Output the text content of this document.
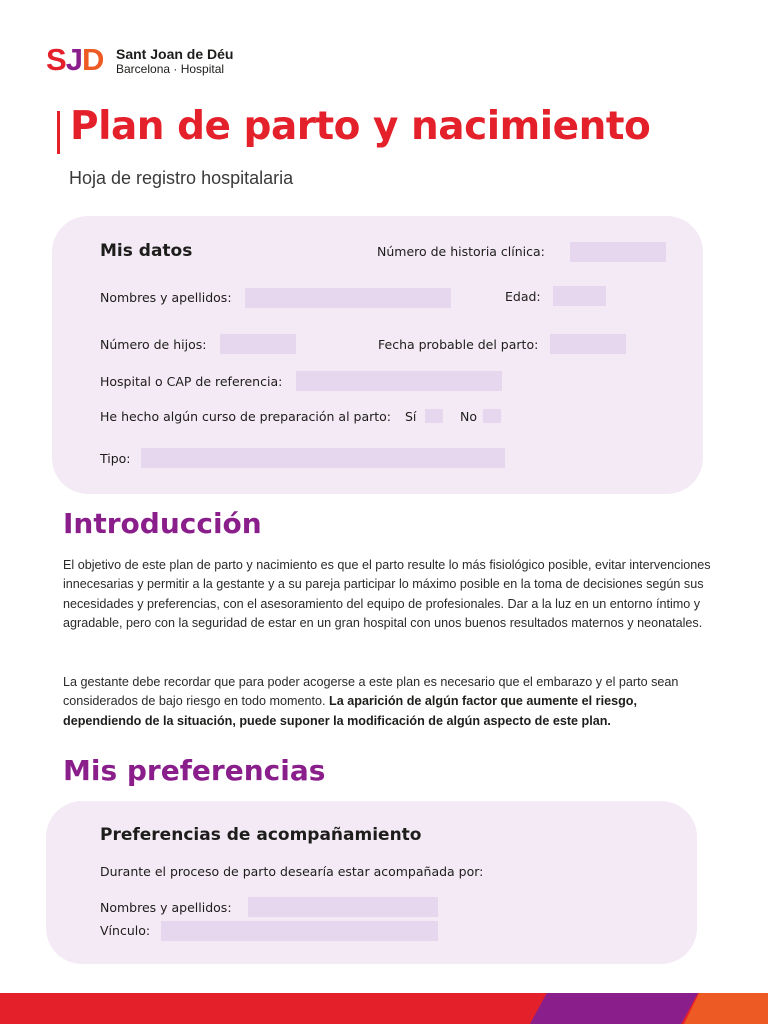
SJD Sant Joan de Déu
Barcelona · Hospital
Plan de parto y nacimiento
Hoja de registro hospitalaria
Mis datos	Número de historia clínica:
Nombres y apellidos:	Edad:
Número de hijos:	Fecha probable del parto:
Hospital o CAP de referencia:
He hecho algún curso de preparación al parto: Sí	No
Tipo:
Introducción
El objetivo de este plan de parto y nacimiento es que el parto resulte lo más fisiológico posible, evitar intervenciones innecesarias y permitir a la gestante y a su pareja participar lo máximo posible en la toma de decisiones según sus necesidades y preferencias, con el asesoramiento del equipo de profesionales. Dar a la luz en un entorno íntimo y agradable, pero con la seguridad de estar en un gran hospital con unos buenos resultados maternos y neonatales.
La gestante debe recordar que para poder acogerse a este plan es necesario que el embarazo y el parto sean considerados de bajo riesgo en todo momento. La aparición de algún factor que aumente el riesgo, dependiendo de la situación, puede suponer la modificación de algún aspecto de este plan.
Mis preferencias
Preferencias de acompañamiento
Durante el proceso de parto desearía estar acompañada por:
Nombres y apellidos:
Vínculo:
